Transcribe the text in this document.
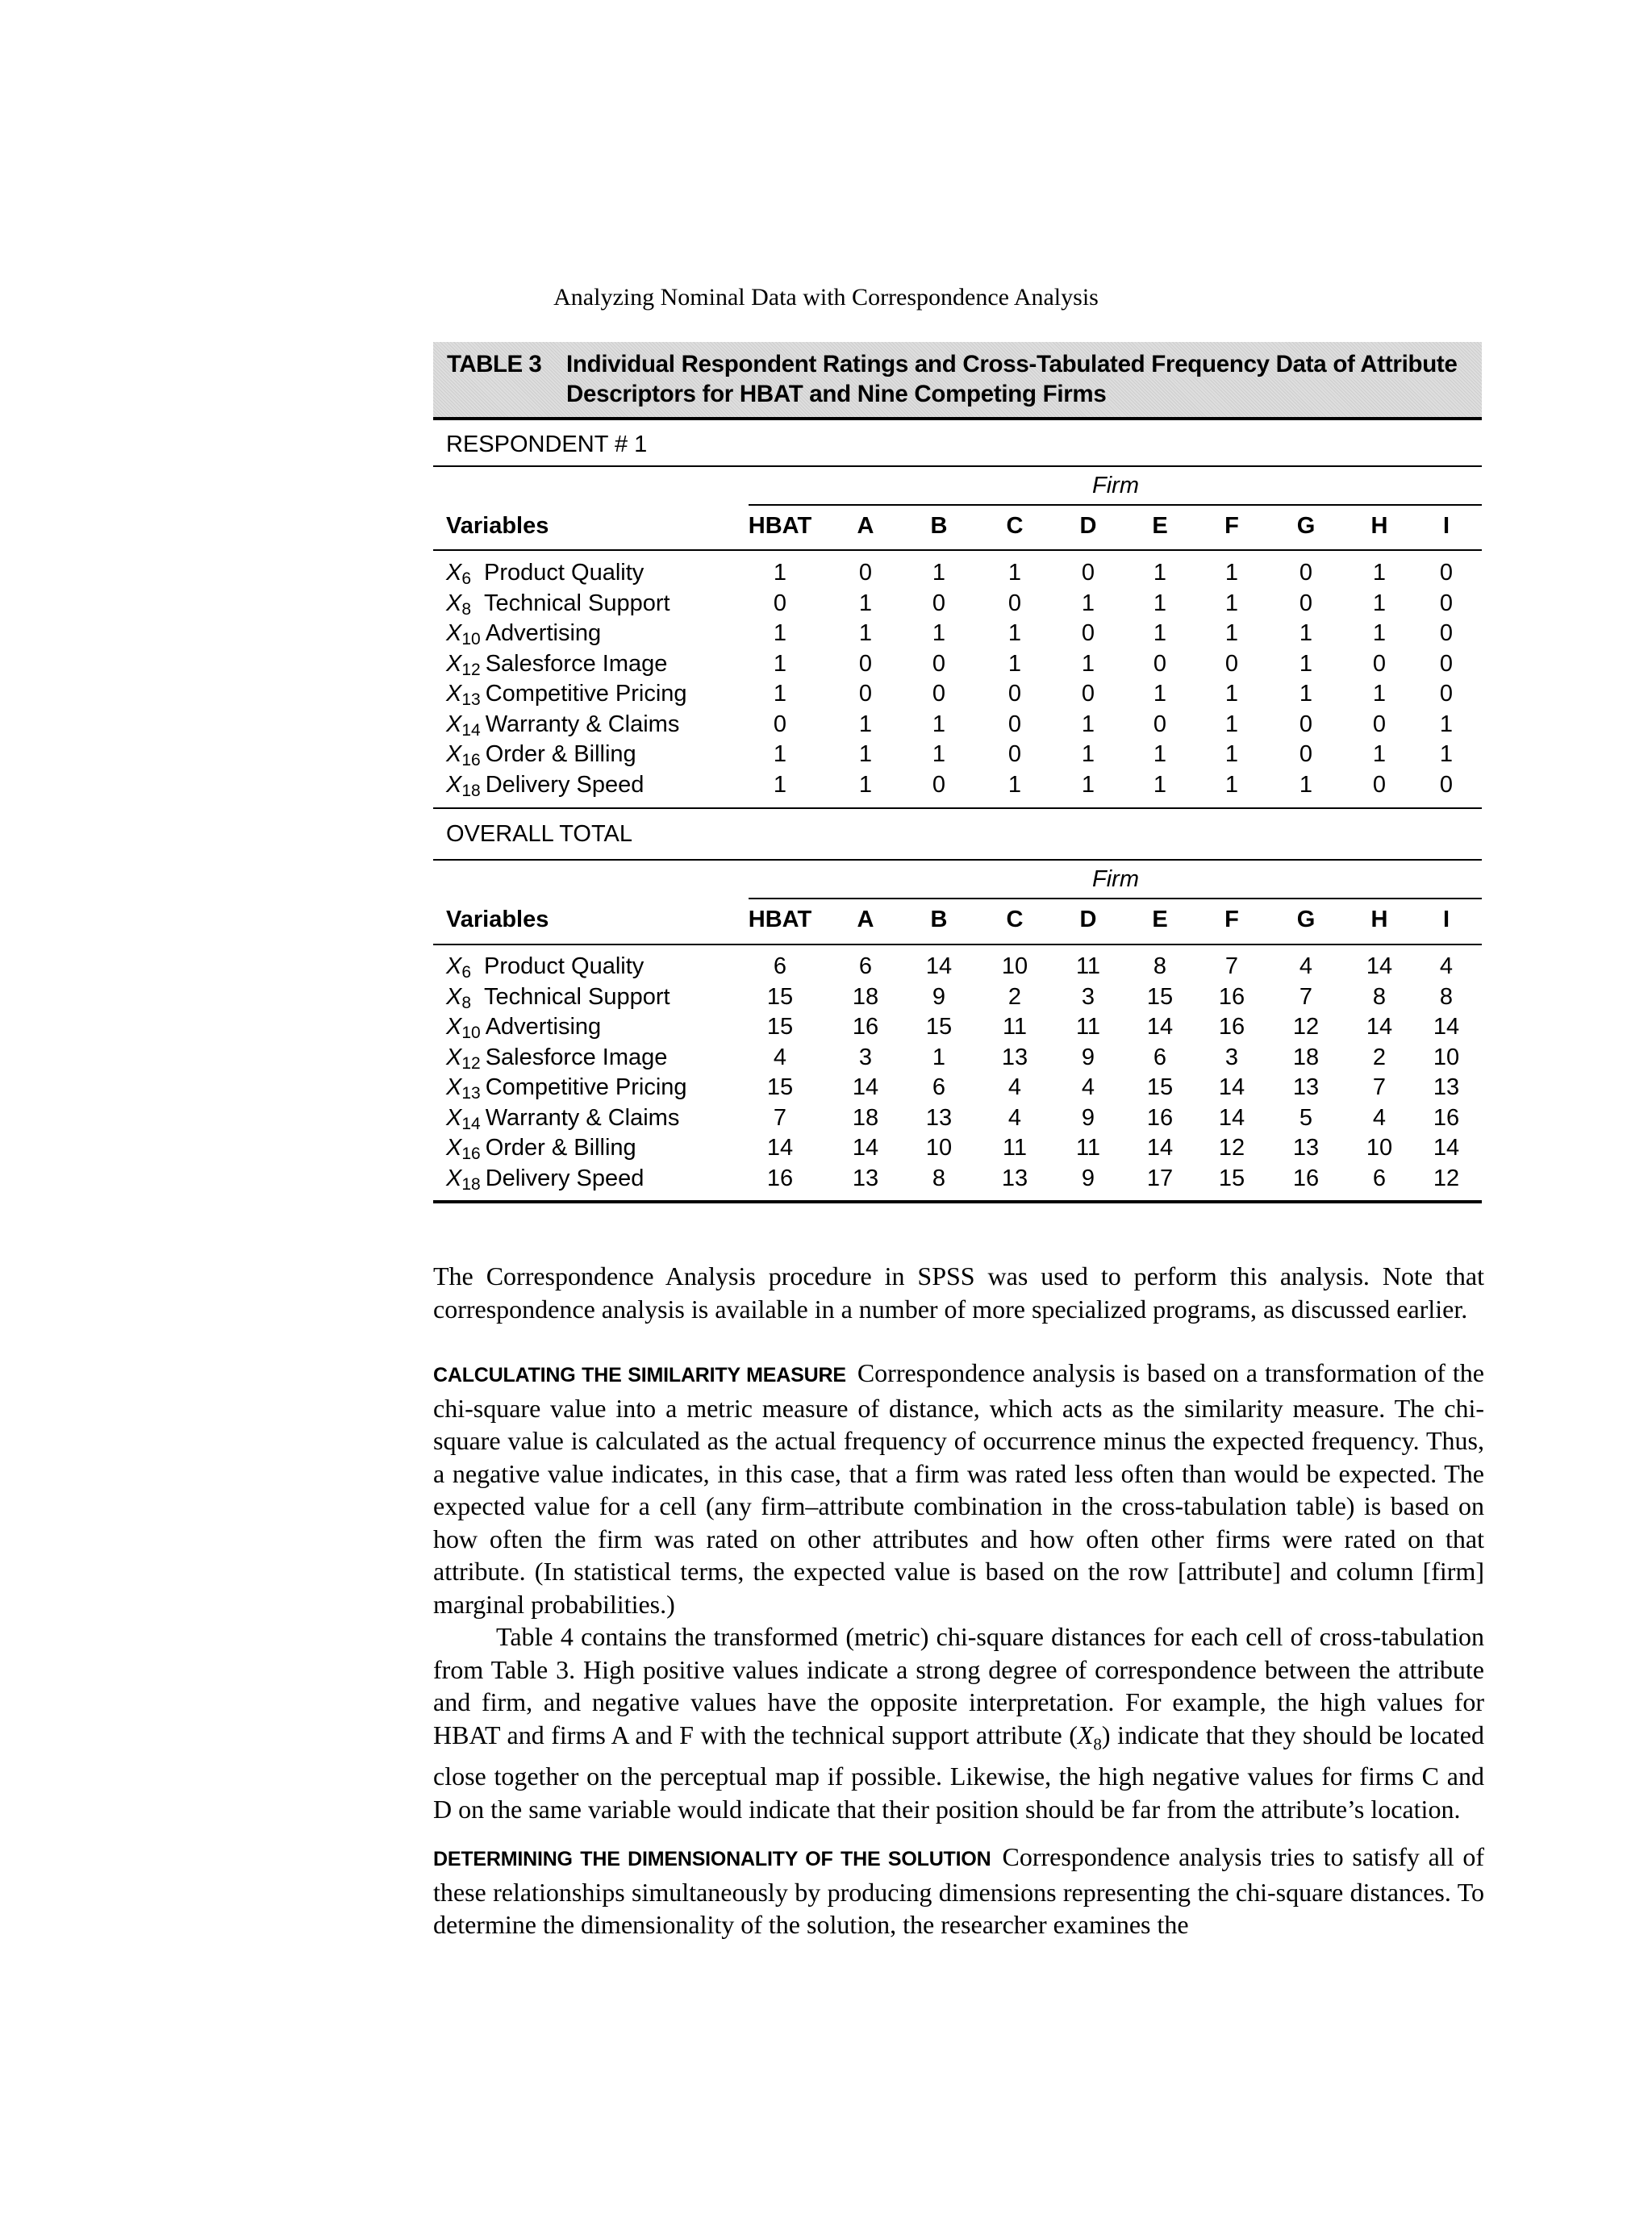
Analyzing Nominal Data with Correspondence Analysis
TABLE 3 Individual Respondent Ratings and Cross-Tabulated Frequency Data of Attribute Descriptors for HBAT and Nine Competing Firms
RESPONDENT # 1
Firm
Variables	HBAT	A	B	C	D	E	F	G	H	I
$X_6$ Product Quality	1	0	1	1	0	1	1	0	1	0
$X_8$ Technical Support	0	1	0	0	1	1	1	0	1	0
$X_{10}$ Advertising	1	1	1	1	0	1	1	1	1	0
$X_{12}$ Salesforce Image	1	0	0	1	1	0	0	1	0	0
$X_{13}$ Competitive Pricing	1	0	0	0	0	1	1	1	1	0
$X_{14}$ Warranty & Claims	0	1	1	0	1	0	1	0	0	1
$X_{16}$ Order & Billing	1	1	1	0	1	1	1	0	1	1
$X_{18}$ Delivery Speed	1	1	0	1	1	1	1	1	0	0
OVERALL TOTAL
Firm
Variables	HBAT	A	B	C	D	E	F	G	H	I
$X_6$ Product Quality	6	6	14	10	11	8	7	4	14	4
$X_8$ Technical Support	15	18	9	2	3	15	16	7	8	8
$X_{10}$ Advertising	15	16	15	11	11	14	16	12	14	14
$X_{12}$ Salesforce Image	4	3	1	13	9	6	3	18	2	10
$X_{13}$ Competitive Pricing	15	14	6	4	4	15	14	13	7	13
$X_{14}$ Warranty & Claims	7	18	13	4	9	16	14	5	4	16
$X_{16}$ Order & Billing	14	14	10	11	11	14	12	13	10	14
$X_{18}$ Delivery Speed	16	13	8	13	9	17	15	16	6	12

The Correspondence Analysis procedure in SPSS was used to perform this analysis. Note that correspondence analysis is available in a number of more specialized programs, as discussed earlier.

CALCULATING THE SIMILARITY MEASURE Correspondence analysis is based on a transformation of the chi-square value into a metric measure of distance, which acts as the similarity measure. The chi-square value is calculated as the actual frequency of occurrence minus the expected frequency. Thus, a negative value indicates, in this case, that a firm was rated less often than would be expected. The expected value for a cell (any firm–attribute combination in the cross-tabulation table) is based on how often the firm was rated on other attributes and how often other firms were rated on that attribute. (In statistical terms, the expected value is based on the row [attribute] and column [firm] marginal probabilities.)

Table 4 contains the transformed (metric) chi-square distances for each cell of cross-tabulation from Table 3. High positive values indicate a strong degree of correspondence between the attribute and firm, and negative values have the opposite interpretation. For example, the high values for HBAT and firms A and F with the technical support attribute $(X_8)$ indicate that they should be located close together on the perceptual map if possible. Likewise, the high negative values for firms C and D on the same variable would indicate that their position should be far from the attribute’s location.

DETERMINING THE DIMENSIONALITY OF THE SOLUTION Correspondence analysis tries to satisfy all of these relationships simultaneously by producing dimensions representing the chi-square distances. To determine the dimensionality of the solution, the researcher examines the
